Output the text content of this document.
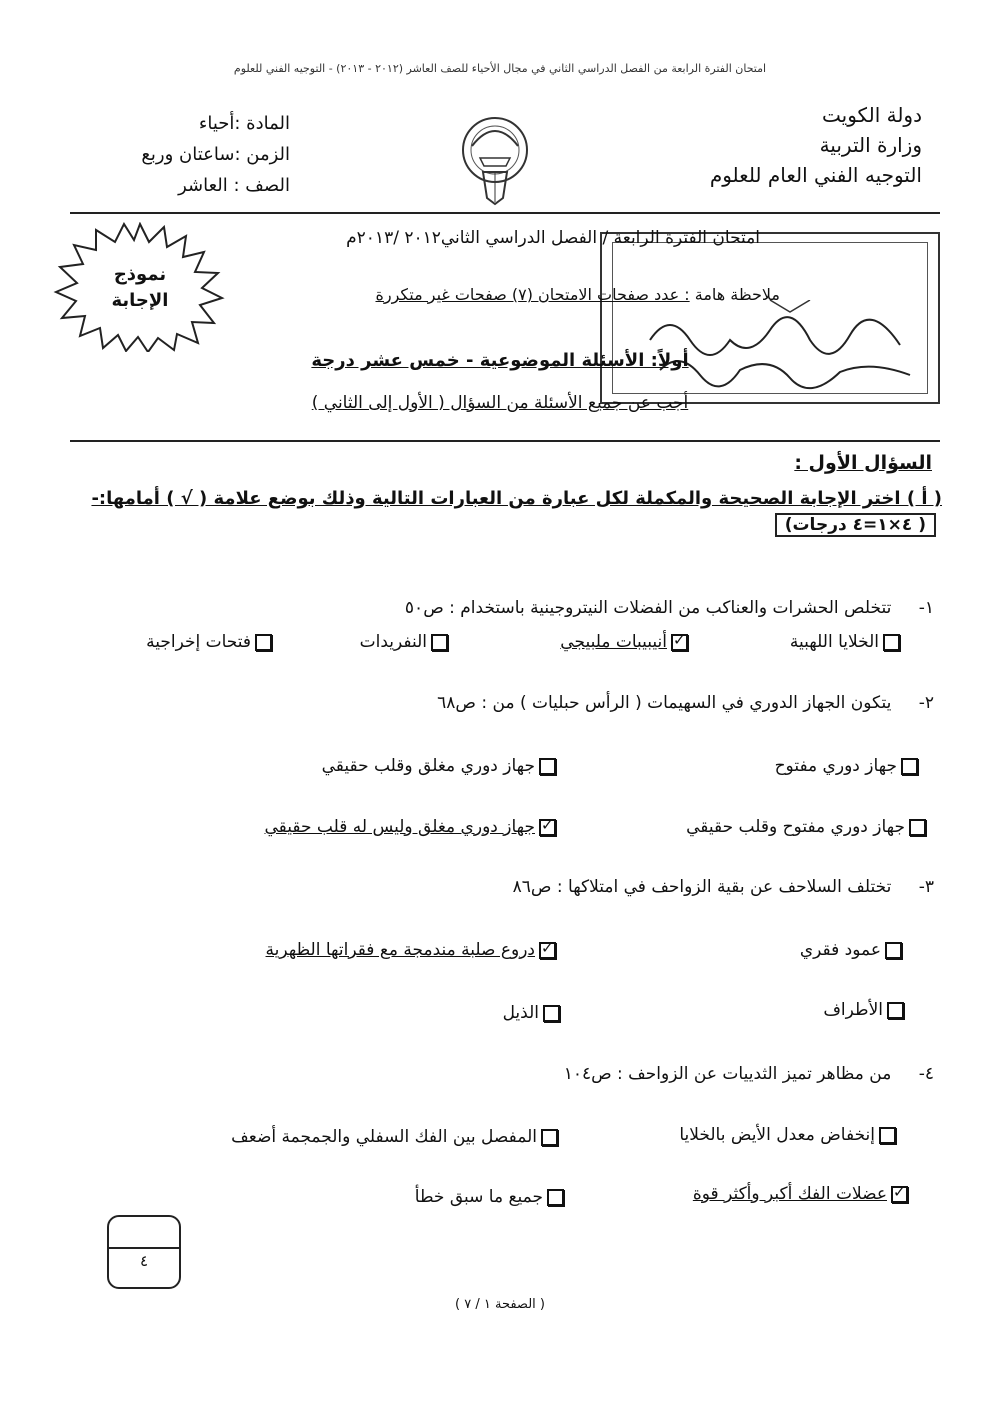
امتحان الفترة الرابعة من الفصل الدراسي الثاني في مجال الأحياء للصف العاشر (٢٠١٢ - ٢٠١٣) - التوجيه الفني للعلوم
دولة الكويت
وزارة التربية
التوجيه الفني العام للعلوم
المادة :أحياء
الزمن :ساعتان وربع
الصف : العاشر
امتحان الفترة الرابعة / الفصل الدراسي الثاني٢٠١٢ /٢٠١٣م
ملاحظة هامة : عدد صفحات الامتحان (٧) صفحات غير متكررة
نموذج
الإجابة
أولاً: الأسئلة الموضوعية - خمس عشر درجة
أجب عن جميع الأسئلة من السؤال ( الأول إلى الثاني )
السؤال الأول :
( أ ) اختر الإجابة الصحيحة والمكملة لكل عبارة من العبارات التالية وذلك بوضع علامة ( √ ) أمامها:-
( ٤×١=٤ درجات)
١- تتخلص الحشرات والعناكب من الفضلات النيتروجينية باستخدام : ص٥٠
الخلايا اللهبية
✓أنيبيبات ملبيجي
النفريدات
فتحات إخراجية
٢- يتكون الجهاز الدوري في السهيمات ( الرأس حبليات ) من : ص٦٨
جهاز دوري مفتوح
جهاز دوري مغلق وقلب حقيقي
جهاز دوري مفتوح وقلب حقيقي
✓جهاز دوري مغلق وليس له قلب حقيقي
٣- تختلف السلاحف عن بقية الزواحف في امتلاكها : ص٨٦
عمود فقري
✓دروع صلبة مندمجة مع فقراتها الظهرية
الأطراف
الذيل
٤- من مظاهر تميز الثدييات عن الزواحف : ص١٠٤
إنخفاض معدل الأيض بالخلايا
المفصل بين الفك السفلي والجمجمة أضعف
✓عضلات الفك أكبر وأكثر قوة
جميع ما سبق خطأ
٤
( الصفحة ١ / ٧ )
